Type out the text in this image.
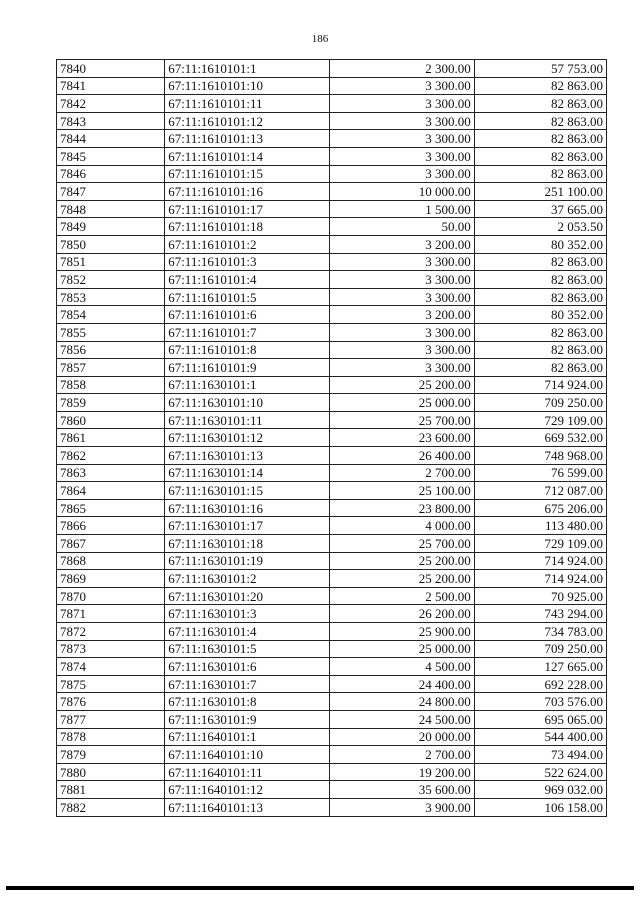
186
7840	67:11:1610101:1	2 300.00	57 753.00
7841	67:11:1610101:10	3 300.00	82 863.00
7842	67:11:1610101:11	3 300.00	82 863.00
7843	67:11:1610101:12	3 300.00	82 863.00
7844	67:11:1610101:13	3 300.00	82 863.00
7845	67:11:1610101:14	3 300.00	82 863.00
7846	67:11:1610101:15	3 300.00	82 863.00
7847	67:11:1610101:16	10 000.00	251 100.00
7848	67:11:1610101:17	1 500.00	37 665.00
7849	67:11:1610101:18	50.00	2 053.50
7850	67:11:1610101:2	3 200.00	80 352.00
7851	67:11:1610101:3	3 300.00	82 863.00
7852	67:11:1610101:4	3 300.00	82 863.00
7853	67:11:1610101:5	3 300.00	82 863.00
7854	67:11:1610101:6	3 200.00	80 352.00
7855	67:11:1610101:7	3 300.00	82 863.00
7856	67:11:1610101:8	3 300.00	82 863.00
7857	67:11:1610101:9	3 300.00	82 863.00
7858	67:11:1630101:1	25 200.00	714 924.00
7859	67:11:1630101:10	25 000.00	709 250.00
7860	67:11:1630101:11	25 700.00	729 109.00
7861	67:11:1630101:12	23 600.00	669 532.00
7862	67:11:1630101:13	26 400.00	748 968.00
7863	67:11:1630101:14	2 700.00	76 599.00
7864	67:11:1630101:15	25 100.00	712 087.00
7865	67:11:1630101:16	23 800.00	675 206.00
7866	67:11:1630101:17	4 000.00	113 480.00
7867	67:11:1630101:18	25 700.00	729 109.00
7868	67:11:1630101:19	25 200.00	714 924.00
7869	67:11:1630101:2	25 200.00	714 924.00
7870	67:11:1630101:20	2 500.00	70 925.00
7871	67:11:1630101:3	26 200.00	743 294.00
7872	67:11:1630101:4	25 900.00	734 783.00
7873	67:11:1630101:5	25 000.00	709 250.00
7874	67:11:1630101:6	4 500.00	127 665.00
7875	67:11:1630101:7	24 400.00	692 228.00
7876	67:11:1630101:8	24 800.00	703 576.00
7877	67:11:1630101:9	24 500.00	695 065.00
7878	67:11:1640101:1	20 000.00	544 400.00
7879	67:11:1640101:10	2 700.00	73 494.00
7880	67:11:1640101:11	19 200.00	522 624.00
7881	67:11:1640101:12	35 600.00	969 032.00
7882	67:11:1640101:13	3 900.00	106 158.00
